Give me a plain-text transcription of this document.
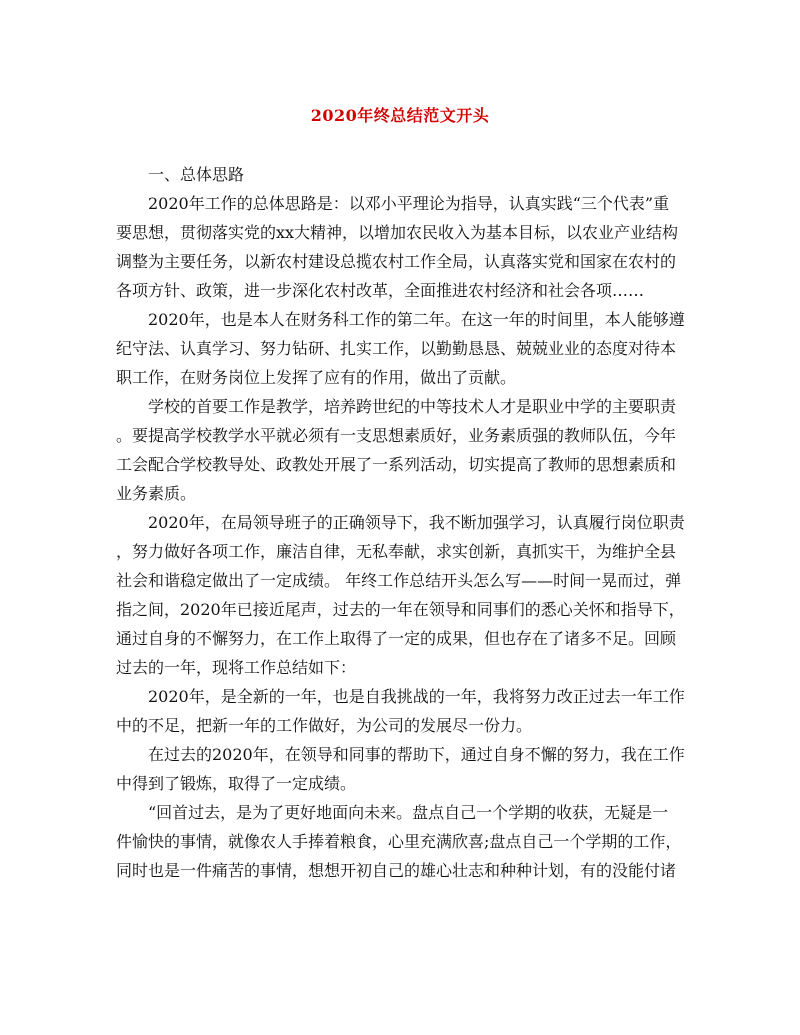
2020年终总结范文开头
一、总体思路
2020年工作的总体思路是：以邓小平理论为指导，认真实践“三个代表”重
要思想，贯彻落实党的xx大精神，以增加农民收入为基本目标，以农业产业结构
调整为主要任务，以新农村建设总揽农村工作全局，认真落实党和国家在农村的
各项方针、政策，进一步深化农村改革，全面推进农村经济和社会各项……
2020年，也是本人在财务科工作的第二年。在这一年的时间里，本人能够遵
纪守法、认真学习、努力钻研、扎实工作，以勤勤恳恳、兢兢业业的态度对待本
职工作，在财务岗位上发挥了应有的作用，做出了贡献。
学校的首要工作是教学，培养跨世纪的中等技术人才是职业中学的主要职责
。要提高学校教学水平就必须有一支思想素质好，业务素质强的教师队伍，今年
工会配合学校教导处、政教处开展了一系列活动，切实提高了教师的思想素质和
业务素质。
2020年，在局领导班子的正确领导下，我不断加强学习，认真履行岗位职责
，努力做好各项工作，廉洁自律，无私奉献，求实创新，真抓实干，为维护全县
社会和谐稳定做出了一定成绩。 年终工作总结开头怎么写——时间一晃而过，弹
指之间，2020年已接近尾声，过去的一年在领导和同事们的悉心关怀和指导下，
通过自身的不懈努力，在工作上取得了一定的成果，但也存在了诸多不足。回顾
过去的一年，现将工作总结如下：
2020年，是全新的一年，也是自我挑战的一年，我将努力改正过去一年工作
中的不足，把新一年的工作做好，为公司的发展尽一份力。
在过去的2020年，在领导和同事的帮助下，通过自身不懈的努力，我在工作
中得到了锻炼，取得了一定成绩。
“回首过去，是为了更好地面向未来。盘点自己一个学期的收获，无疑是一
件愉快的事情，就像农人手捧着粮食，心里充满欣喜;盘点自己一个学期的工作，
同时也是一件痛苦的事情，想想开初自己的雄心壮志和种种计划，有的没能付诸
